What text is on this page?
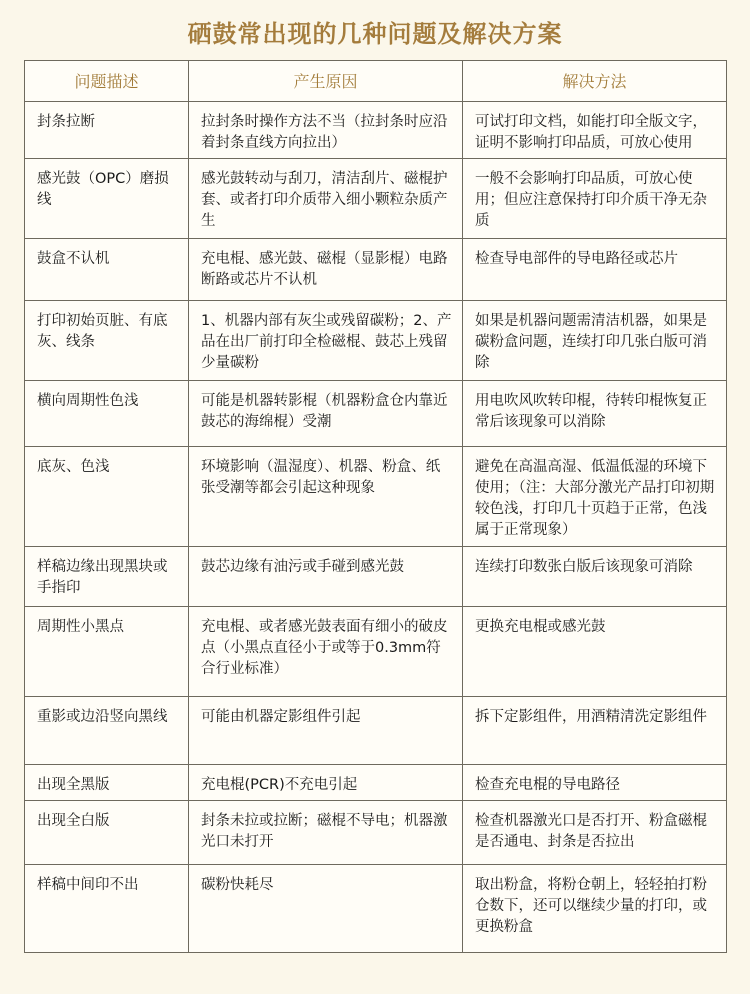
硒鼓常出现的几种问题及解决方案
问题描述	产生原因	解决方法
封条拉断	拉封条时操作方法不当（拉封条时应沿着封条直线方向拉出）	可试打印文档，如能打印全版文字，证明不影响打印品质，可放心使用
感光鼓（OPC）磨损线	感光鼓转动与刮刀，清洁刮片、磁棍护套、或者打印介质带入细小颗粒杂质产生	一般不会影响打印品质，可放心使用；但应注意保持打印介质干净无杂质
鼓盒不认机	充电棍、感光鼓、磁棍（显影棍）电路断路或芯片不认机	检查导电部件的导电路径或芯片
打印初始页脏、有底灰、线条	1、机器内部有灰尘或残留碳粉；2、产品在出厂前打印全检磁棍、鼓芯上残留少量碳粉	如果是机器问题需清洁机器，如果是碳粉盒问题，连续打印几张白版可消除
横向周期性色浅	可能是机器转影棍（机器粉盒仓内靠近鼓芯的海绵棍）受潮	用电吹风吹转印棍，待转印棍恢复正常后该现象可以消除
底灰、色浅	环境影响（温湿度）、机器、粉盒、纸张受潮等都会引起这种现象	避免在高温高湿、低温低湿的环境下使用；（注：大部分激光产品打印初期较色浅，打印几十页趋于正常，色浅属于正常现象）
样稿边缘出现黑块或手指印	鼓芯边缘有油污或手碰到感光鼓	连续打印数张白版后该现象可消除
周期性小黑点	充电棍、或者感光鼓表面有细小的破皮点（小黑点直径小于或等于0.3mm符合行业标准）	更换充电棍或感光鼓
重影或边沿竖向黑线	可能由机器定影组件引起	拆下定影组件，用酒精清洗定影组件
出现全黑版	充电棍(PCR)不充电引起	检查充电棍的导电路径
出现全白版	封条未拉或拉断；磁棍不导电；机器激光口未打开	检查机器激光口是否打开、粉盒磁棍是否通电、封条是否拉出
样稿中间印不出	碳粉快耗尽	取出粉盒，将粉仓朝上，轻轻拍打粉仓数下，还可以继续少量的打印，或更换粉盒
